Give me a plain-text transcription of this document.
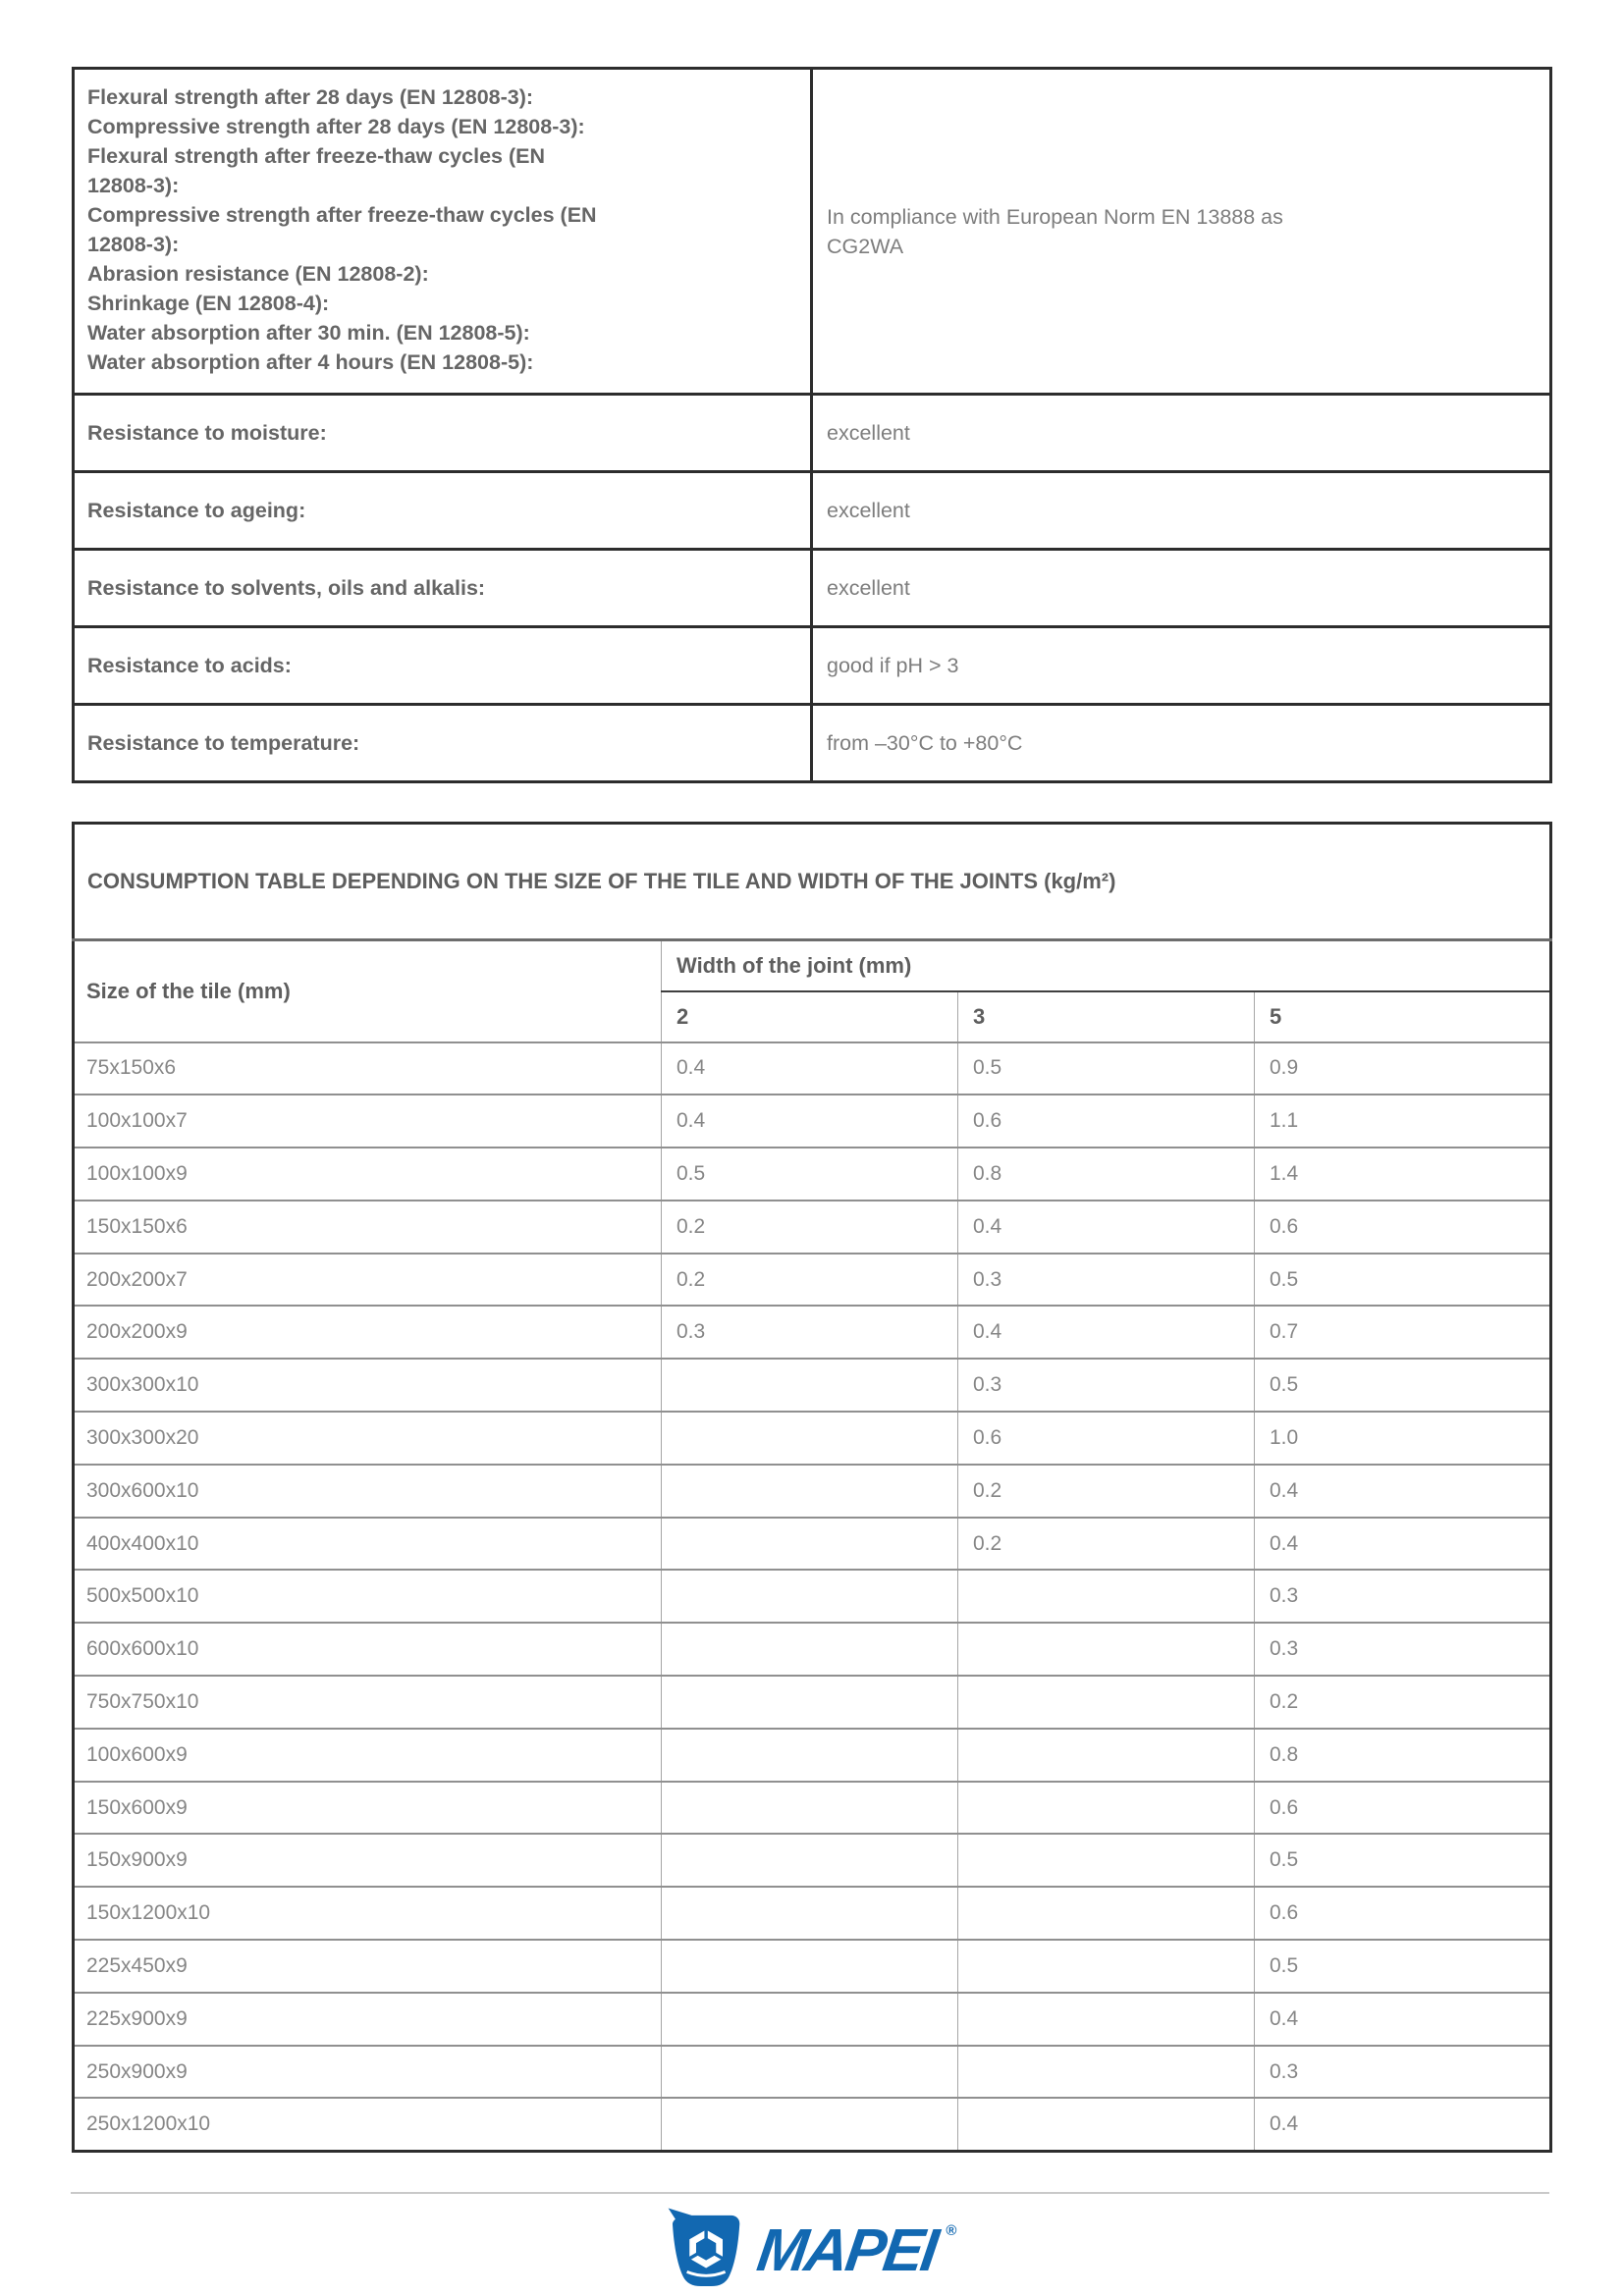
Flexural strength after 28 days (EN 12808-3):
Compressive strength after 28 days (EN 12808-3):
Flexural strength after freeze-thaw cycles (EN
12808-3):
Compressive strength after freeze-thaw cycles (EN
12808-3):
Abrasion resistance (EN 12808-2):
Shrinkage (EN 12808-4):
Water absorption after 30 min. (EN 12808-5):
Water absorption after 4 hours (EN 12808-5):

In compliance with European Norm EN 13888 as
CG2WA

Resistance to moisture:	excellent
Resistance to ageing:	excellent
Resistance to solvents, oils and alkalis:	excellent
Resistance to acids:	good if pH > 3
Resistance to temperature:	from –30°C to +80°C
CONSUMPTION TABLE DEPENDING ON THE SIZE OF THE TILE AND WIDTH OF THE JOINTS (kg/m²)			
Size of the tile (mm)	Width of the joint (mm)		
	2	3	5
75x150x6	0.4	0.5	0.9
100x100x7	0.4	0.6	1.1
100x100x9	0.5	0.8	1.4
150x150x6	0.2	0.4	0.6
200x200x7	0.2	0.3	0.5
200x200x9	0.3	0.4	0.7
300x300x10		0.3	0.5
300x300x20		0.6	1.0
300x600x10		0.2	0.4
400x400x10		0.2	0.4
500x500x10			0.3
600x600x10			0.3
750x750x10			0.2
100x600x9			0.8
150x600x9			0.6
150x900x9			0.5
150x1200x10			0.6
225x450x9			0.5
225x900x9			0.4
250x900x9			0.3
250x1200x10			0.4
MAPEI ®
